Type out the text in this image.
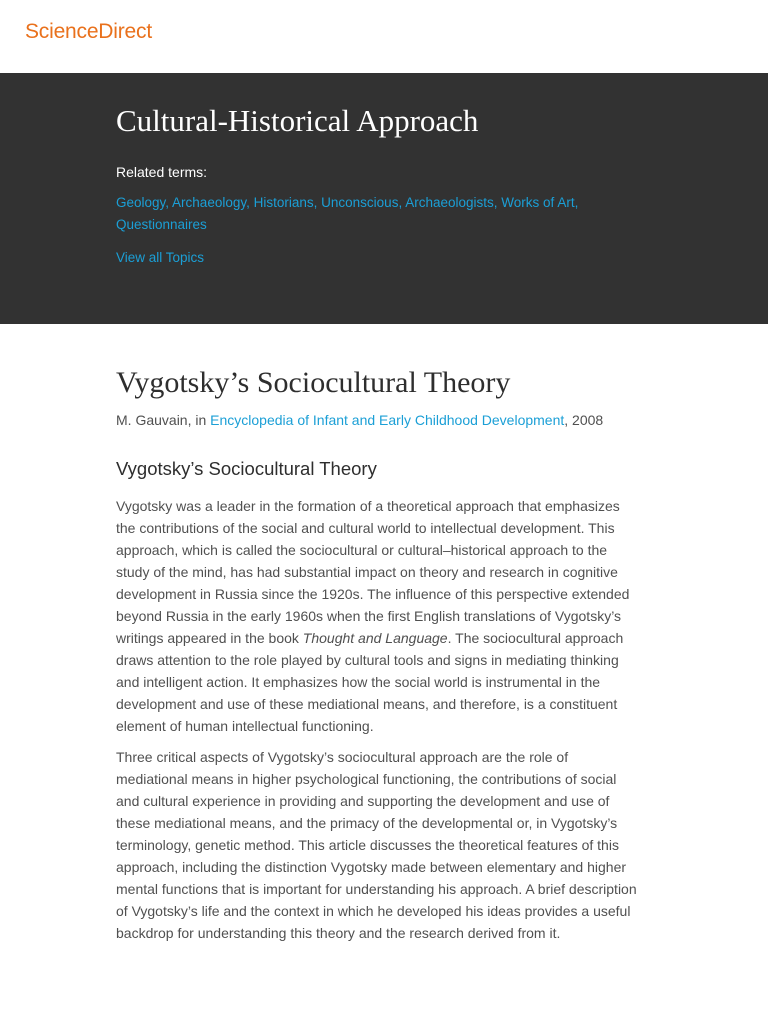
ScienceDirect
Cultural-Historical Approach
Related terms:
Geology, Archaeology, Historians, Unconscious, Archaeologists, Works of Art, Questionnaires
View all Topics
Vygotsky’s Sociocultural Theory
M. Gauvain, in Encyclopedia of Infant and Early Childhood Development, 2008
Vygotsky’s Sociocultural Theory

Vygotsky was a leader in the formation of a theoretical approach that emphasizes the contributions of the social and cultural world to intellectual development. This approach, which is called the sociocultural or cultural–historical approach to the study of the mind, has had substantial impact on theory and research in cognitive development in Russia since the 1920s. The influence of this perspective extended beyond Russia in the early 1960s when the first English translations of Vygotsky’s writings appeared in the book Thought and Language. The sociocultural approach draws attention to the role played by cultural tools and signs in mediating thinking and intelligent action. It emphasizes how the social world is instrumental in the development and use of these mediational means, and therefore, is a constituent element of human intellectual functioning.

Three critical aspects of Vygotsky’s sociocultural approach are the role of mediational means in higher psychological functioning, the contributions of social and cultural experience in providing and supporting the development and use of these mediational means, and the primacy of the developmental or, in Vygotsky’s terminology, genetic method. This article discusses the theoretical features of this approach, including the distinction Vygotsky made between elementary and higher mental functions that is important for understanding his approach. A brief description of Vygotsky’s life and the context in which he developed his ideas provides a useful backdrop for understanding this theory and the research derived from it.
